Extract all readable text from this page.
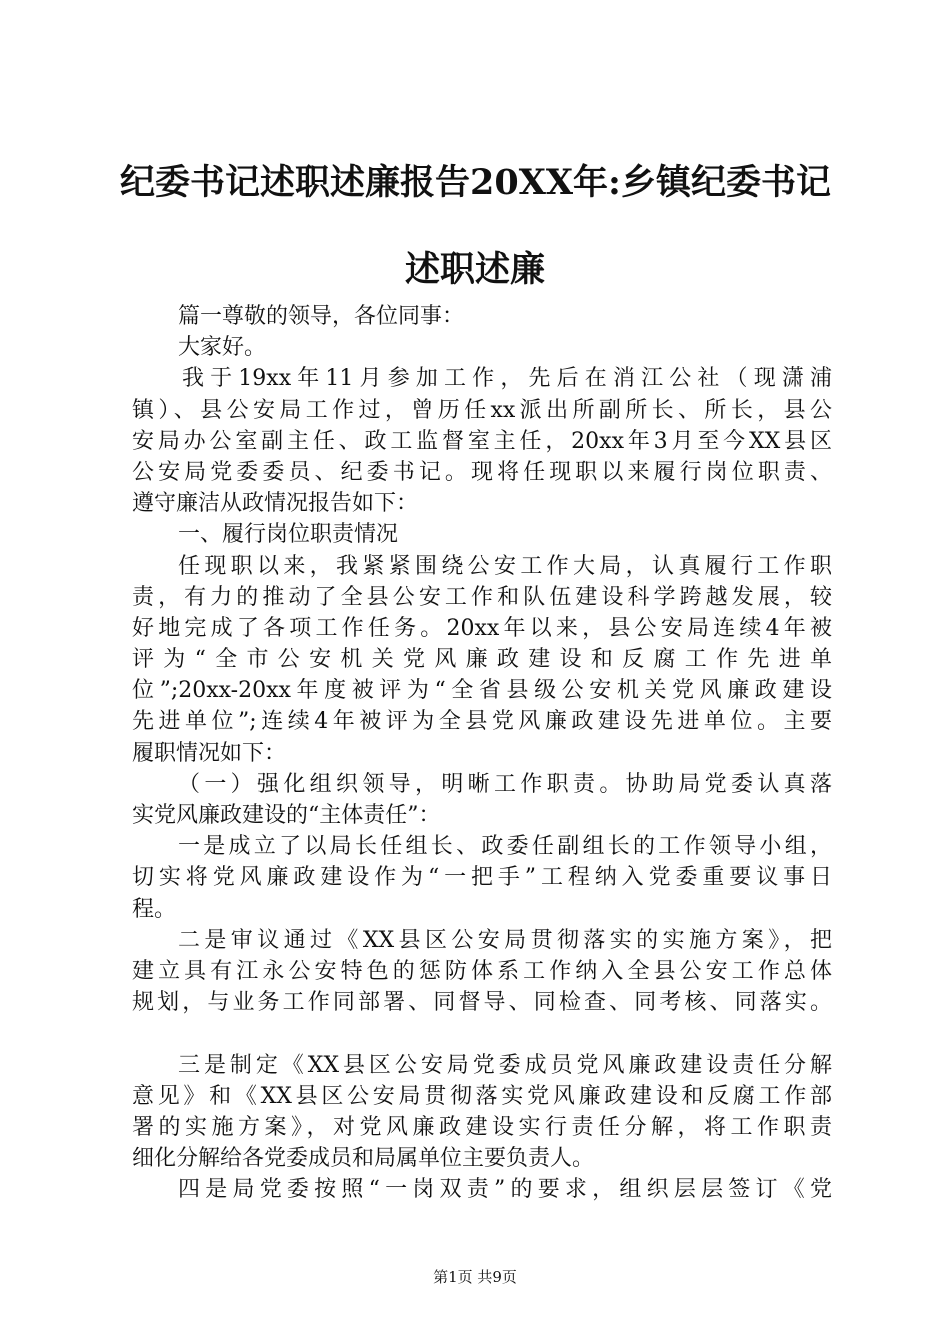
纪委书记述职述廉报告20XX年:乡镇纪委书记
述职述廉
篇一尊敬的领导，各位同事：
大家好。
我于19xx年11月参加工作，先后在消江公社（现潇浦
镇）、县公安局工作过，曾历任xx派出所副所长、所长，县公
安局办公室副主任、政工监督室主任，20xx年3月至今XX县区
公安局党委委员、纪委书记。现将任现职以来履行岗位职责、
遵守廉洁从政情况报告如下：
一、履行岗位职责情况
任现职以来，我紧紧围绕公安工作大局，认真履行工作职
责，有力的推动了全县公安工作和队伍建设科学跨越发展，较
好地完成了各项工作任务。20xx年以来，县公安局连续4年被
评为“全市公安机关党风廉政建设和反腐工作先进单
位”;20xx-20xx年度被评为“全省县级公安机关党风廉政建设
先进单位”;连续4年被评为全县党风廉政建设先进单位。主要
履职情况如下：
（一）强化组织领导，明晰工作职责。协助局党委认真落
实党风廉政建设的“主体责任”：
一是成立了以局长任组长、政委任副组长的工作领导小组，
切实将党风廉政建设作为“一把手”工程纳入党委重要议事日
程。
二是审议通过《XX县区公安局贯彻落实的实施方案》，把
建立具有江永公安特色的惩防体系工作纳入全县公安工作总体
规划，与业务工作同部署、同督导、同检查、同考核、同落实。
三是制定《XX县区公安局党委成员党风廉政建设责任分解
意见》和《XX县区公安局贯彻落实党风廉政建设和反腐工作部
署的实施方案》，对党风廉政建设实行责任分解，将工作职责
细化分解给各党委成员和局属单位主要负责人。
四是局党委按照“一岗双责”的要求，组织层层签订《党
第1页 共9页
